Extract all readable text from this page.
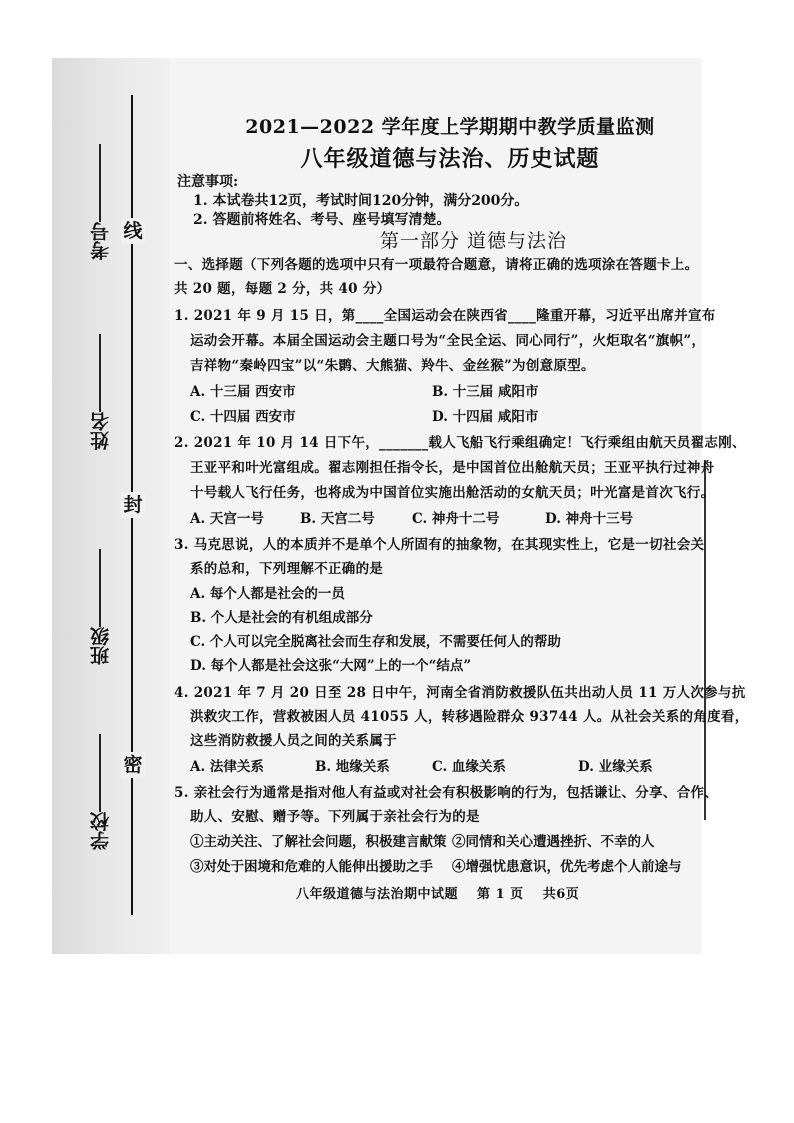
线
封
密
考号
姓名
班级
学校
2021—2022 学年度上学期期中教学质量监测
八年级道德与法治、历史试题
注意事项:
1. 本试卷共12页，考试时间120分钟，满分200分。
2. 答题前将姓名、考号、座号填写清楚。
第一部分 道德与法治
一、选择题（下列各题的选项中只有一项最符合题意，请将正确的选项涂在答题卡上。
共 20 题，每题 2 分，共 40 分）
1. 2021 年 9 月 15 日，第____全国运动会在陕西省____隆重开幕，习近平出席并宣布
运动会开幕。本届全国运动会主题口号为“全民全运、同心同行”，火炬取名“旗帜”，
吉祥物“秦岭四宝”以“朱鹮、大熊猫、羚牛、金丝猴”为创意原型。
A. 十三届 西安市	B. 十三届 咸阳市
C. 十四届 西安市	D. 十四届 咸阳市
2. 2021 年 10 月 14 日下午，_______载人飞船飞行乘组确定！飞行乘组由航天员翟志刚、
王亚平和叶光富组成。翟志刚担任指令长，是中国首位出舱航天员；王亚平执行过神舟
十号载人飞行任务，也将成为中国首位实施出舱活动的女航天员；叶光富是首次飞行。
A. 天宫一号	B. 天宫二号	C. 神舟十二号	D. 神舟十三号
3. 马克思说，人的本质并不是单个人所固有的抽象物，在其现实性上，它是一切社会关
系的总和，下列理解不正确的是
A. 每个人都是社会的一员
B. 个人是社会的有机组成部分
C. 个人可以完全脱离社会而生存和发展，不需要任何人的帮助
D. 每个人都是社会这张“大网”上的一个“结点”
4. 2021 年 7 月 20 日至 28 日中午，河南全省消防救援队伍共出动人员 11 万人次参与抗
洪救灾工作，营救被困人员 41055 人，转移遇险群众 93744 人。从社会关系的角度看，
这些消防救援人员之间的关系属于
A. 法律关系	B. 地缘关系	C. 血缘关系	D. 业缘关系
5. 亲社会行为通常是指对他人有益或对社会有积极影响的行为，包括谦让、分享、合作、
助人、安慰、赠予等。下列属于亲社会行为的是
①主动关注、了解社会问题，积极建言献策 ②同情和关心遭遇挫折、不幸的人
③对处于困境和危难的人能伸出援助之手 ④增强忧患意识，优先考虑个人前途与
八年级道德与法治期中试题 第 1 页 共6页
